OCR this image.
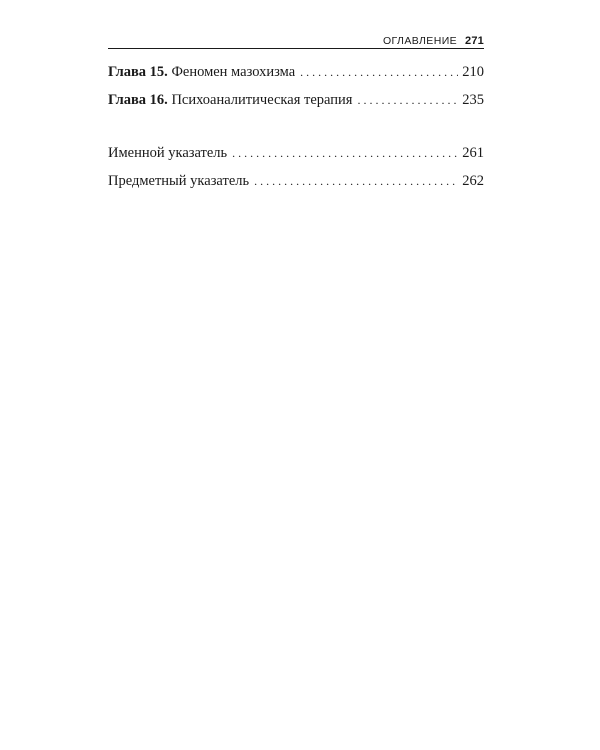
ОГЛАВЛЕНИЕ 271
Глава 15. Феномен мазохизма . . .	210
Глава 16. Психоаналитическая терапия . . .	235
Именной указатель . . .	261
Предметный указатель . . .	262
